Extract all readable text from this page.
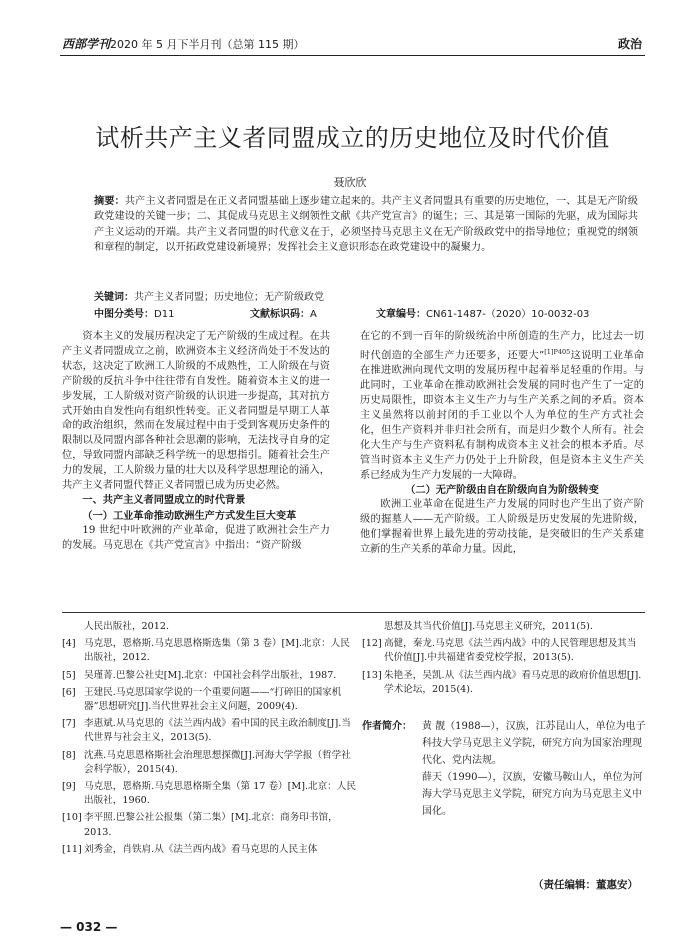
西部学刊2020 年 5 月下半月刊（总第 115 期）	政治
试析共产主义者同盟成立的历史地位及时代价值
聂欣欣
摘要：共产主义者同盟是在正义者同盟基础上逐步建立起来的。共产主义者同盟具有重要的历史地位，一、其是无产阶级政党建设的关键一步；二、其促成马克思主义纲领性文献《共产党宣言》的诞生；三、其是第一国际的先驱，成为国际共产主义运动的开端。共产主义者同盟的时代意义在于，必须坚持马克思主义在无产阶级政党中的指导地位；重视党的纲领和章程的制定，以开拓政党建设新境界；发挥社会主义意识形态在政党建设中的凝聚力。
关键词：共产主义者同盟；历史地位；无产阶级政党
中图分类号：D11	文献标识码：A	文章编号：CN61-1487-（2020）10-0032-03

资本主义的发展历程决定了无产阶级的生成过程。在共产主义者同盟成立之前，欧洲资本主义经济尚处于不发达的状态，这决定了欧洲工人阶级的不成熟性，工人阶级在与资产阶级的反抗斗争中往往带有自发性。随着资本主义的进一步发展，工人阶级对资产阶级的认识进一步提高，其对抗方式开始由自发性向有组织性转变。正义者同盟是早期工人革命的政治组织，然而在发展过程中由于受到客观历史条件的限制以及同盟内部各种社会思潮的影响，无法找寻自身的定位，导致同盟内部缺乏科学统一的思想指引。随着社会生产力的发展，工人阶级力量的壮大以及科学思想理论的涌入，共产主义者同盟代替正义者同盟已成为历史必然。

一、共产主义者同盟成立的时代背景
（一）工业革命推动欧洲生产方式发生巨大变革

19 世纪中叶欧洲的产业革命，促进了欧洲社会生产力的发展。马克思在《共产党宣言》中指出：“资产阶级

在它的不到一百年的阶级统治中所创造的生产力，比过去一切时代创造的全部生产力还要多，还要大”$^{[1]P405}$这说明工业革命在推进欧洲向现代文明的发展历程中起着举足轻重的作用。与此同时，工业革命在推动欧洲社会发展的同时也产生了一定的历史局限性，即资本主义生产力与生产关系之间的矛盾。资本主义虽然将以前封闭的手工业以个人为单位的生产方式社会化，但生产资料并非归社会所有，而是归少数个人所有。社会化大生产与生产资料私有制构成资本主义社会的根本矛盾。尽管当时资本主义生产力仍处于上升阶段，但是资本主义生产关系已经成为生产力发展的一大障碍。

（二）无产阶级由自在阶级向自为阶级转变

欧洲工业革命在促进生产力发展的同时也产生出了资产阶级的掘墓人——无产阶级。工人阶级是历史发展的先进阶级，他们掌握着世界上最先进的劳动技能，是突破旧的生产关系建立新的生产关系的革命力量。因此，

人民出版社，2012.
[4] 马克思，恩格斯.马克思恩格斯选集（第 3 卷）[M].北京：人民出版社，2012.
[5] 吴瑾菁.巴黎公社史[M].北京：中国社会科学出版社，1987.
[6] 王建民.马克思国家学说的一个重要问题——“打碎旧的国家机器”思想研究[J].当代世界社会主义问题，2009(4).
[7] 李惠斌.从马克思的《法兰西内战》看中国的民主政治制度[J].当代世界与社会主义，2013(5).
[8] 沈燕.马克思恩格斯社会治理思想探微[J].河海大学学报（哲学社会科学版），2015(4).
[9] 马克思，恩格斯.马克思恩格斯全集（第 17 卷）[M].北京：人民出版社，1960.
[10] 李平照.巴黎公社公报集（第二集）[M].北京：商务印书馆，2013.
[11] 刘秀金，肖铁肩.从《法兰西内战》看马克思的人民主体
思想及其当代价值[J].马克思主义研究，2011(5).
[12] 高健，秦龙.马克思《法兰西内战》中的人民管理思想及其当代价值[J].中共福建省委党校学报，2013(5).
[13] 朱艳圣，吴凯.从《法兰西内战》看马克思的政府价值思想[J].学术论坛，2015(4).
作者简介：	黄 靓（1988—），汉族，江苏昆山人，单位为电子科技大学马克思主义学院，研究方向为国家治理现代化、党内法规。
薛天（1990—），汉族，安徽马鞍山人，单位为河海大学马克思主义学院，研究方向为马克思主义中国化。
（责任编辑：董惠安）
— 032 —
